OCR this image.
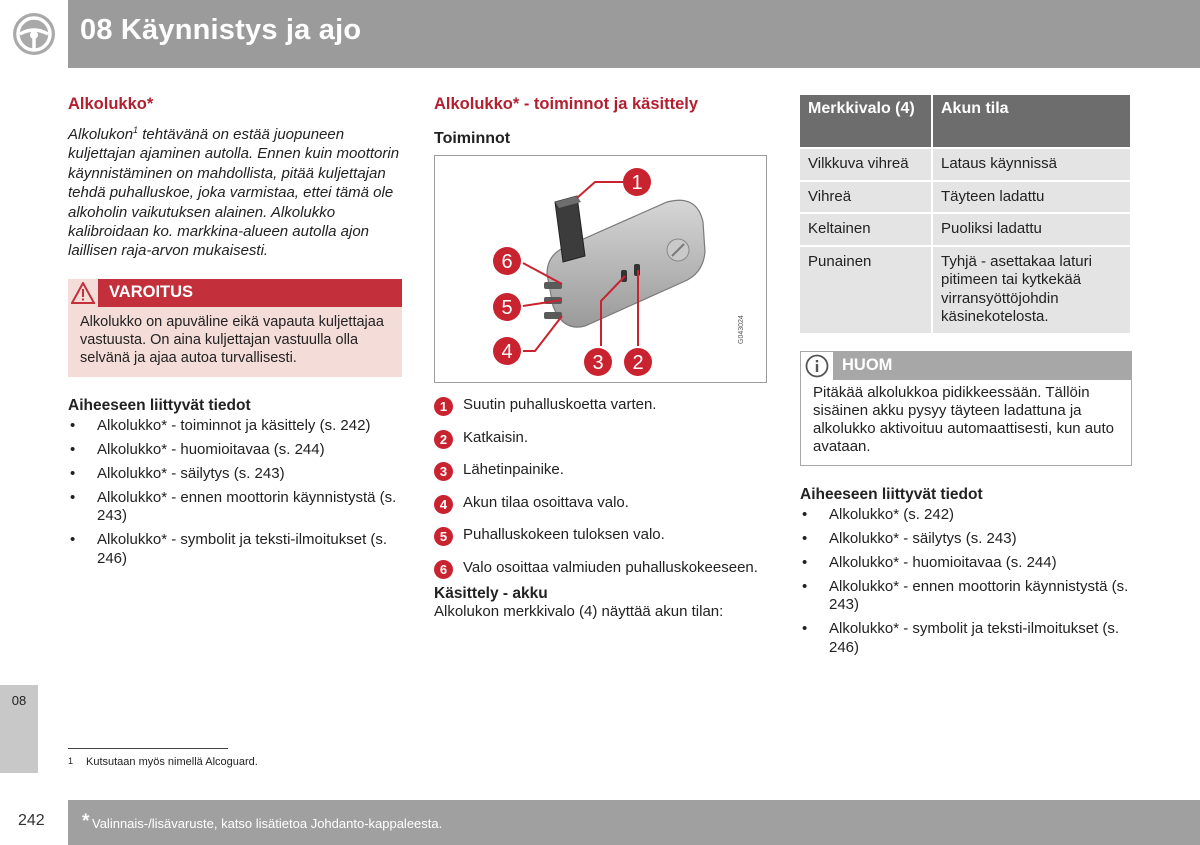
08 Käynnistys ja ajo
Alkolukko*

Alkolukon$^1$ tehtävänä on estää juopuneen kuljettajan ajaminen autolla. Ennen kuin moottorin käynnistäminen on mahdollista, pitää kuljettajan tehdä puhalluskoe, joka varmistaa, ettei tämä ole alkoholin vaikutuksen alainen. Alkolukko kalibroidaan ko. markkina-alueen autolla ajon laillisen raja-arvon mukaisesti.

VAROITUS
Alkolukko on apuväline eikä vapauta kuljettajaa vastuusta. On aina kuljettajan vastuulla olla selvänä ja ajaa autoa turvallisesti.
Aiheeseen liittyvät tiedot
• Alkolukko* - toiminnot ja käsittely (s. 242)
• Alkolukko* - huomioitavaa (s. 244)
• Alkolukko* - säilytys (s. 243)
• Alkolukko* - ennen moottorin käynnistystä (s. 243)
• Alkolukko* - symbolit ja teksti-ilmoitukset (s. 246)
Alkolukko* - toiminnot ja käsittely
Toiminnot
1
2
3
4
5
6
G043024
1	Suutin puhalluskoetta varten.
2	Katkaisin.
3	Lähetinpainike.
4	Akun tilaa osoittava valo.
5	Puhalluskokeen tuloksen valo.
6	Valo osoittaa valmiuden puhalluskokeeseen.
Käsittely - akku
Alkolukon merkkivalo (4) näyttää akun tilan:
Merkkivalo (4)	Akun tila
Vilkkuva vihreä	Lataus käynnissä
Vihreä	Täyteen ladattu
Keltainen	Puoliksi ladattu
Punainen	Tyhjä - asettakaa laturi pitimeen tai kytkekää virransyöttöjohdin käsinekotelosta.
HUOM
Pitäkää alkolukkoa pidikkeessään. Tällöin sisäinen akku pysyy täyteen ladattuna ja alkolukko aktivoituu automaattisesti, kun auto avataan.
Aiheeseen liittyvät tiedot
• Alkolukko* (s. 242)
• Alkolukko* - säilytys (s. 243)
• Alkolukko* - huomioitavaa (s. 244)
• Alkolukko* - ennen moottorin käynnistystä (s. 243)
• Alkolukko* - symbolit ja teksti-ilmoitukset (s. 246)
08
1 Kutsutaan myös nimellä Alcoguard.
242 * Valinnais-/lisävaruste, katso lisätietoa Johdanto-kappaleesta.
